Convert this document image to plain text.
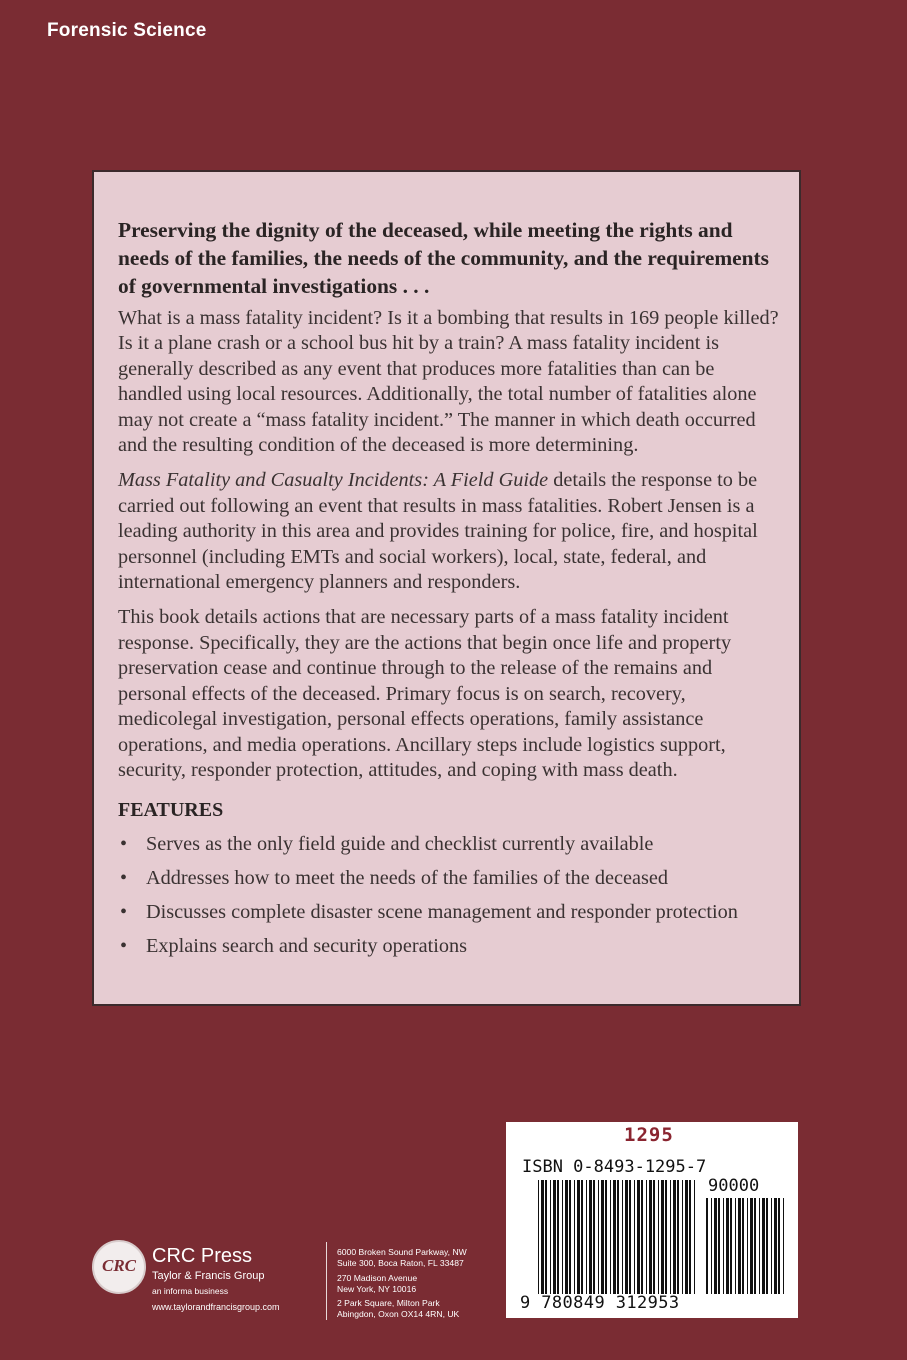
Forensic Science

Preserving the dignity of the deceased, while meeting the rights and needs of the families, the needs of the community, and the requirements of governmental investigations . . .

What is a mass fatality incident? Is it a bombing that results in 169 people killed? Is it a plane crash or a school bus hit by a train? A mass fatality incident is generally described as any event that produces more fatalities than can be handled using local resources. Additionally, the total number of fatalities alone may not create a “mass fatality incident.” The manner in which death occurred and the resulting condition of the deceased is more determining.

Mass Fatality and Casualty Incidents: A Field Guide details the response to be carried out following an event that results in mass fatalities. Robert Jensen is a leading authority in this area and provides training for police, fire, and hospital personnel (including EMTs and social workers), local, state, federal, and international emergency planners and responders.

This book details actions that are necessary parts of a mass fatality incident response. Specifically, they are the actions that begin once life and property preservation cease and continue through to the release of the remains and personal effects of the deceased. Primary focus is on search, recovery, medicolegal investigation, personal effects operations, family assistance operations, and media operations. Ancillary steps include logistics support, security, responder protection, attitudes, and coping with mass death.

FEATURES
• Serves as the only field guide and checklist currently available
• Addresses how to meet the needs of the families of the deceased
• Discusses complete disaster scene management and responder protection
• Explains search and security operations
CRC CRC Press
Taylor & Francis Group
an informa business
www.taylorandfrancisgroup.com
6000 Broken Sound Parkway, NW
Suite 300, Boca Raton, FL 33487
270 Madison Avenue
New York, NY 10016
2 Park Square, Milton Park
Abingdon, Oxon OX14 4RN, UK
1295
ISBN 0-8493-1295-7
90000
9 780849 312953
